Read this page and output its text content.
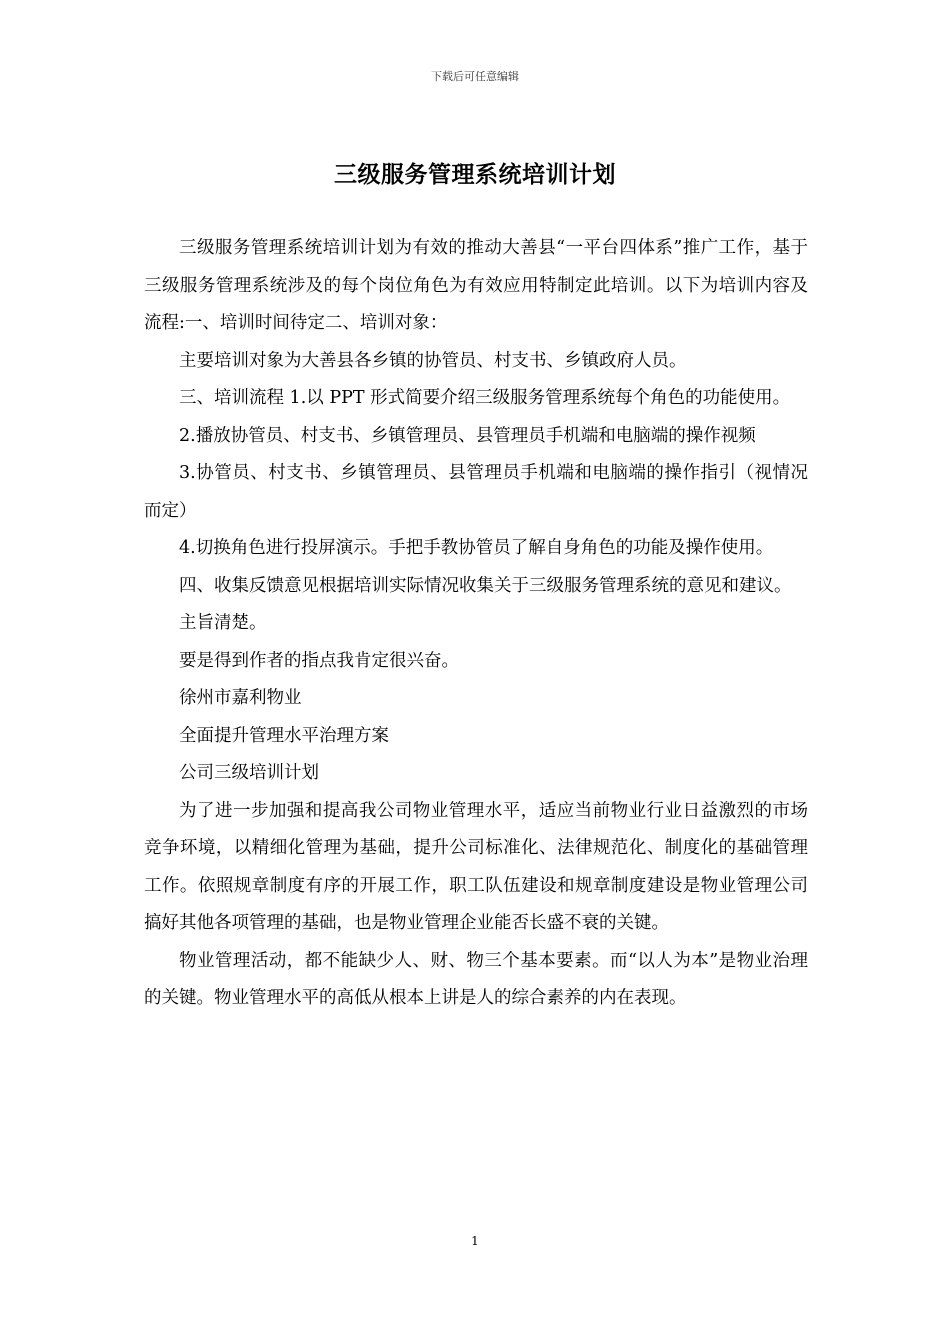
下载后可任意编辑
三级服务管理系统培训计划

三级服务管理系统培训计划为有效的推动大善县“一平台四体系”推广工作，基于三级服务管理系统涉及的每个岗位角色为有效应用特制定此培训。以下为培训内容及流程:一、培训时间待定二、培训对象：

主要培训对象为大善县各乡镇的协管员、村支书、乡镇政府人员。

三、培训流程 1.以 PPT 形式简要介绍三级服务管理系统每个角色的功能使用。

2.播放协管员、村支书、乡镇管理员、县管理员手机端和电脑端的操作视频

3.协管员、村支书、乡镇管理员、县管理员手机端和电脑端的操作指引（视情况而定）

4.切换角色进行投屏演示。手把手教协管员了解自身角色的功能及操作使用。

四、收集反馈意见根据培训实际情况收集关于三级服务管理系统的意见和建议。

主旨清楚。

要是得到作者的指点我肯定很兴奋。

徐州市嘉利物业

全面提升管理水平治理方案

公司三级培训计划

为了进一步加强和提高我公司物业管理水平，适应当前物业行业日益激烈的市场竞争环境，以精细化管理为基础，提升公司标准化、法律规范化、制度化的基础管理工作。依照规章制度有序的开展工作，职工队伍建设和规章制度建设是物业管理公司搞好其他各项管理的基础，也是物业管理企业能否长盛不衰的关键。

物业管理活动，都不能缺少人、财、物三个基本要素。而“以人为本”是物业治理的关键。物业管理水平的高低从根本上讲是人的综合素养的内在表现。

1
